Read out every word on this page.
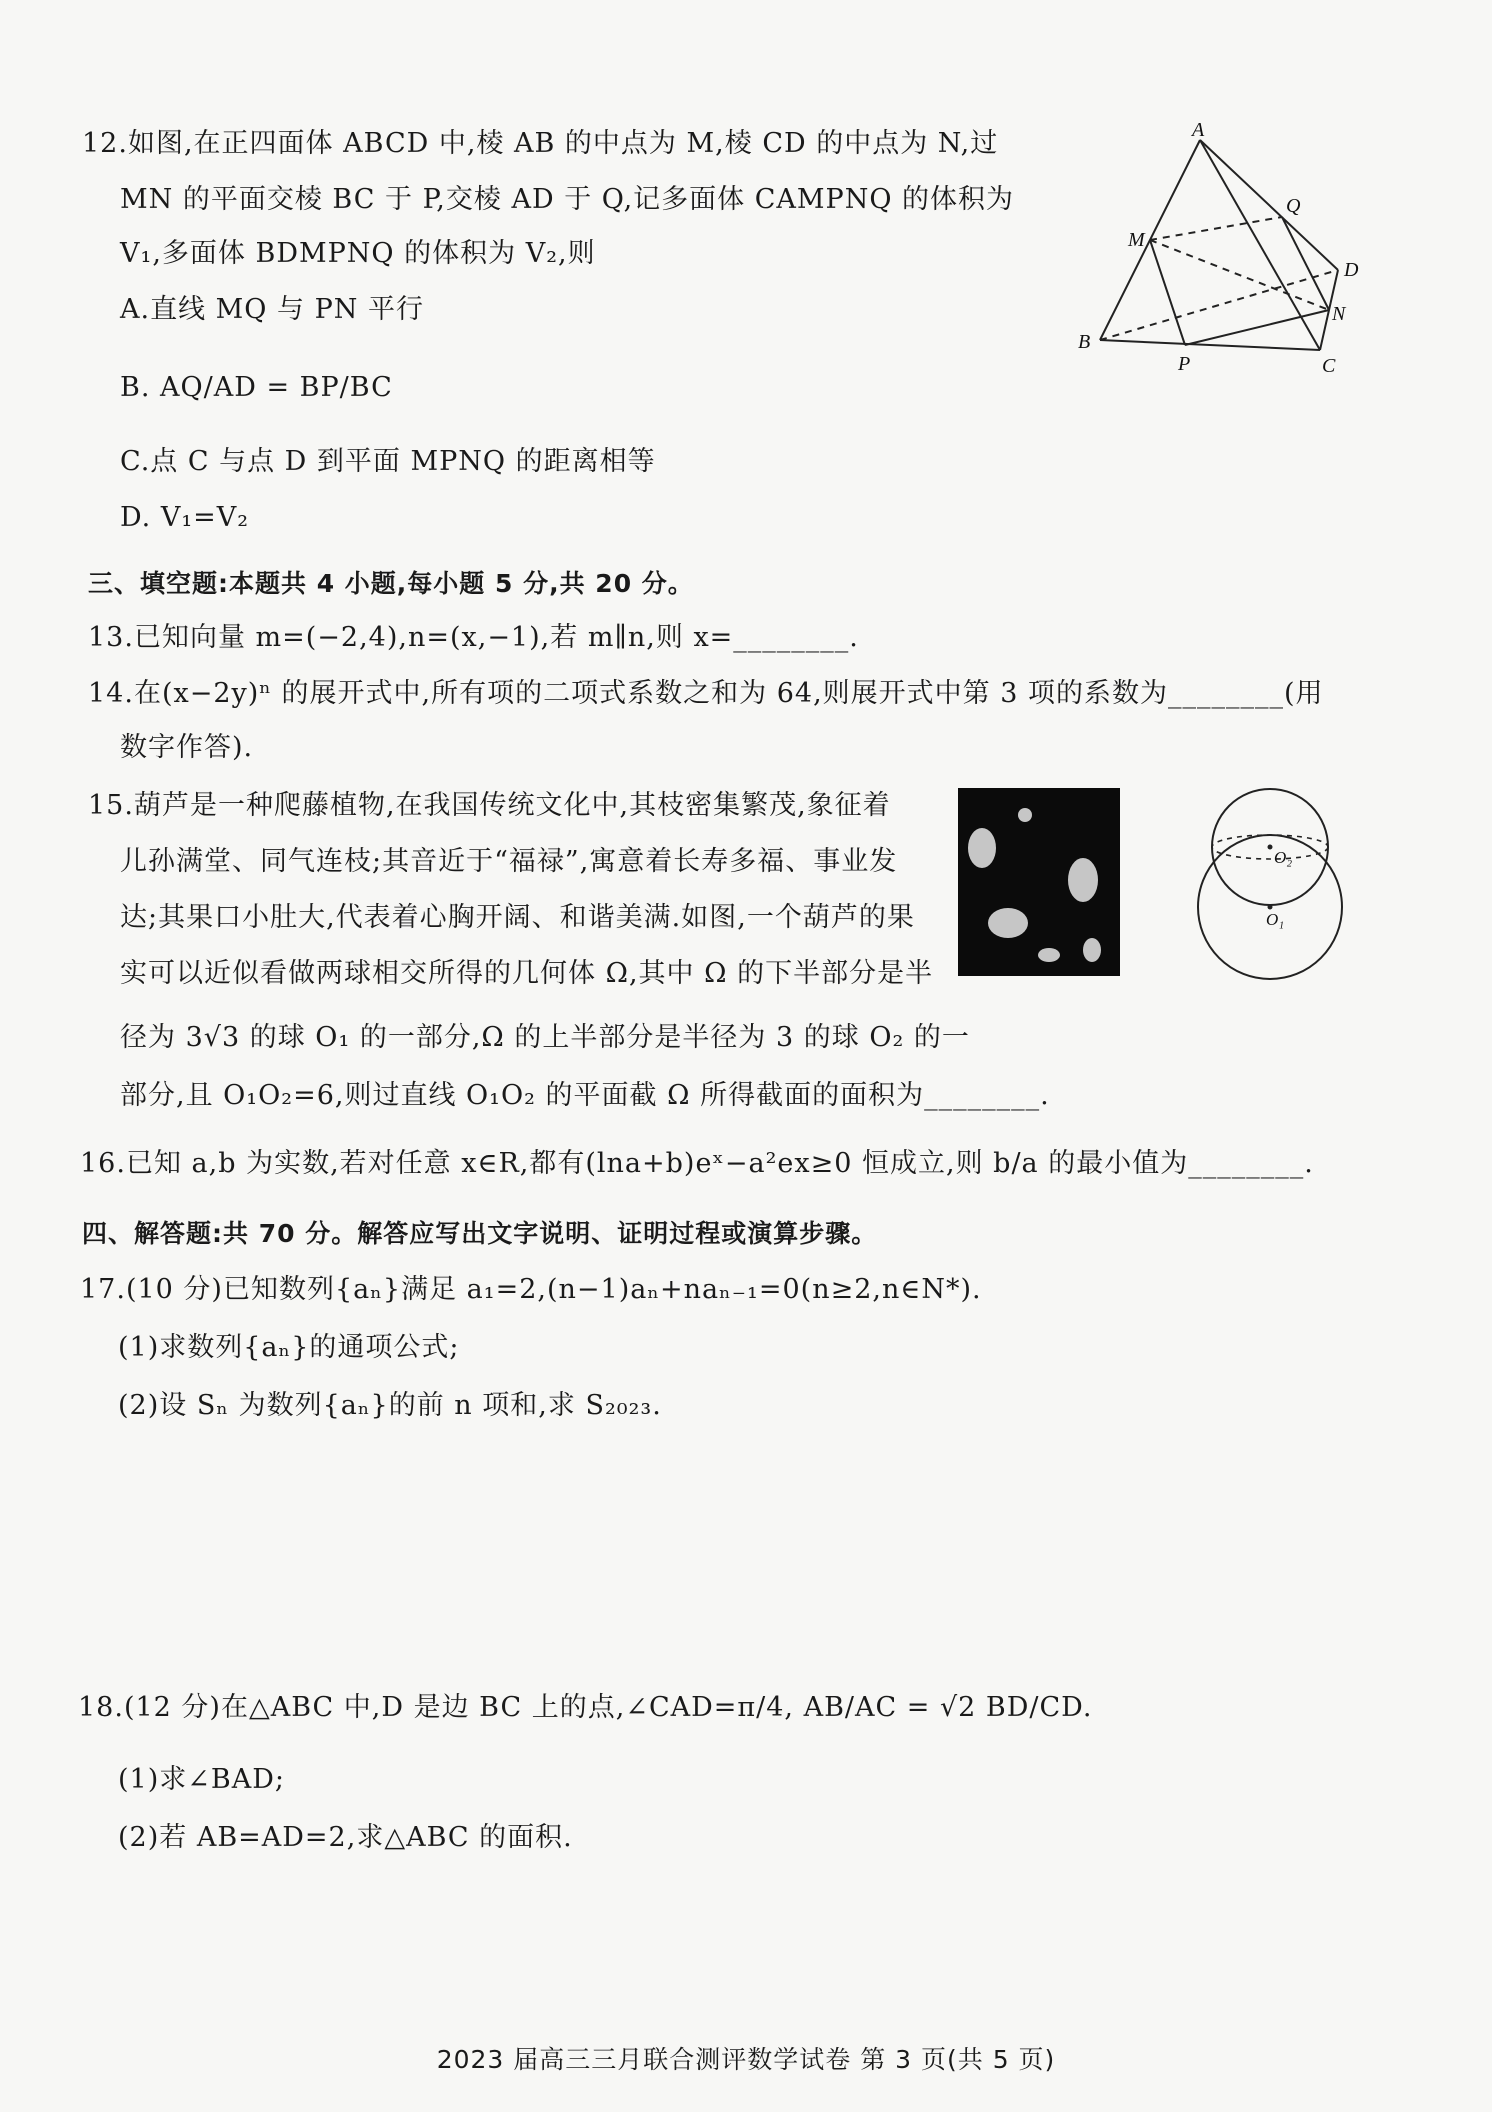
12.如图,在正四面体 ABCD 中,棱 AB 的中点为 M,棱 CD 的中点为 N,过
MN 的平面交棱 BC 于 P,交棱 AD 于 Q,记多面体 CAMPNQ 的体积为
V₁,多面体 BDMPNQ 的体积为 V₂,则
A.直线 MQ 与 PN 平行
B. AQ/AD = BP/BC
C.点 C 与点 D 到平面 MPNQ 的距离相等
D. V₁=V₂
A
B
C
D
M
N
P
Q
三、填空题:本题共 4 小题,每小题 5 分,共 20 分。
13.已知向量 m=(−2,4),n=(x,−1),若 m∥n,则 x=________.
14.在(x−2y)ⁿ 的展开式中,所有项的二项式系数之和为 64,则展开式中第 3 项的系数为________(用
数字作答).
15.葫芦是一种爬藤植物,在我国传统文化中,其枝密集繁茂,象征着
儿孙满堂、同气连枝;其音近于“福禄”,寓意着长寿多福、事业发
达;其果口小肚大,代表着心胸开阔、和谐美满.如图,一个葫芦的果
实可以近似看做两球相交所得的几何体 Ω,其中 Ω 的下半部分是半
径为 3√3 的球 O₁ 的一部分,Ω 的上半部分是半径为 3 的球 O₂ 的一
部分,且 O₁O₂=6,则过直线 O₁O₂ 的平面截 Ω 所得截面的面积为________.
O₂
O₁
16.已知 a,b 为实数,若对任意 x∈R,都有(lna+b)eˣ−a²ex≥0 恒成立,则 b/a 的最小值为________.
四、解答题:共 70 分。解答应写出文字说明、证明过程或演算步骤。
17.(10 分)已知数列{aₙ}满足 a₁=2,(n−1)aₙ+naₙ₋₁=0(n≥2,n∈N*).
(1)求数列{aₙ}的通项公式;
(2)设 Sₙ 为数列{aₙ}的前 n 项和,求 S₂₀₂₃.
18.(12 分)在△ABC 中,D 是边 BC 上的点,∠CAD=π/4, AB/AC = √2 BD/CD.
(1)求∠BAD;
(2)若 AB=AD=2,求△ABC 的面积.
2023 届高三三月联合测评数学试卷 第 3 页(共 5 页)
